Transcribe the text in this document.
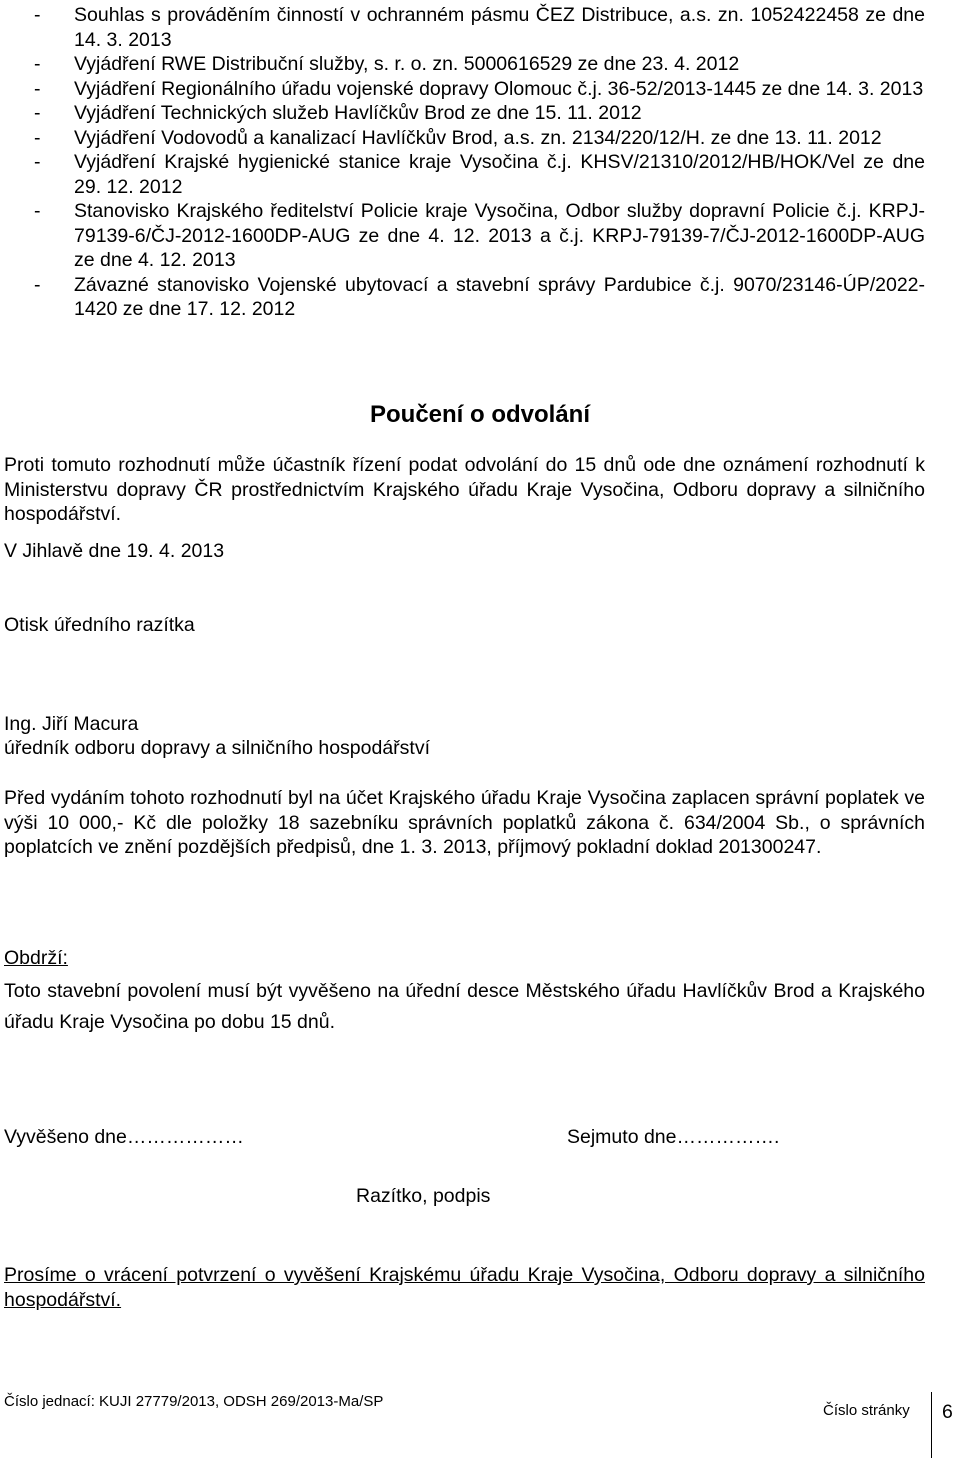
- Souhlas s prováděním činností v ochranném pásmu ČEZ Distribuce, a.s. zn. 1052422458 ze dne 14. 3. 2013
- Vyjádření RWE Distribuční služby, s. r. o. zn. 5000616529 ze dne 23. 4. 2012
- Vyjádření Regionálního úřadu vojenské dopravy Olomouc č.j. 36-52/2013-1445 ze dne 14. 3. 2013
- Vyjádření Technických služeb Havlíčkův Brod ze dne 15. 11. 2012
- Vyjádření Vodovodů a kanalizací Havlíčkův Brod, a.s. zn. 2134/220/12/H. ze dne 13. 11. 2012
- Vyjádření Krajské hygienické stanice kraje Vysočina č.j. KHSV/21310/2012/HB/HOK/Vel ze dne 29. 12. 2012
- Stanovisko Krajského ředitelství Policie kraje Vysočina, Odbor služby dopravní Policie č.j. KRPJ-79139-6/ČJ-2012-1600DP-AUG ze dne 4. 12. 2013 a č.j. KRPJ-79139-7/ČJ-2012-1600DP-AUG ze dne 4. 12. 2013
- Závazné stanovisko Vojenské ubytovací a stavební správy Pardubice č.j. 9070/23146-ÚP/2022-1420 ze dne 17. 12. 2012
Poučení o odvolání
Proti tomuto rozhodnutí může účastník řízení podat odvolání do 15 dnů ode dne oznámení rozhodnutí k Ministerstvu dopravy ČR prostřednictvím Krajského úřadu Kraje Vysočina, Odboru dopravy a silničního hospodářství.
V Jihlavě dne 19. 4. 2013
Otisk úředního razítka
Ing. Jiří Macura
úředník odboru dopravy a silničního hospodářství
Před vydáním tohoto rozhodnutí byl na účet Krajského úřadu Kraje Vysočina zaplacen správní poplatek ve výši 10 000,- Kč dle položky 18 sazebníku správních poplatků zákona č. 634/2004 Sb., o správních poplatcích ve znění pozdějších předpisů, dne 1. 3. 2013, příjmový pokladní doklad 201300247.
Obdrží:
Toto stavební povolení musí být vyvěšeno na úřední desce Městského úřadu Havlíčkův Brod a Krajského úřadu Kraje Vysočina po dobu 15 dnů.
Vyvěšeno dne………………	Sejmuto dne…………….
Razítko, podpis
Prosíme o vrácení potvrzení o vyvěšení Krajskému úřadu Kraje Vysočina, Odboru dopravy a silničního hospodářství.
Číslo jednací: KUJI 27779/2013, ODSH 269/2013-Ma/SP
Číslo stránky 6
